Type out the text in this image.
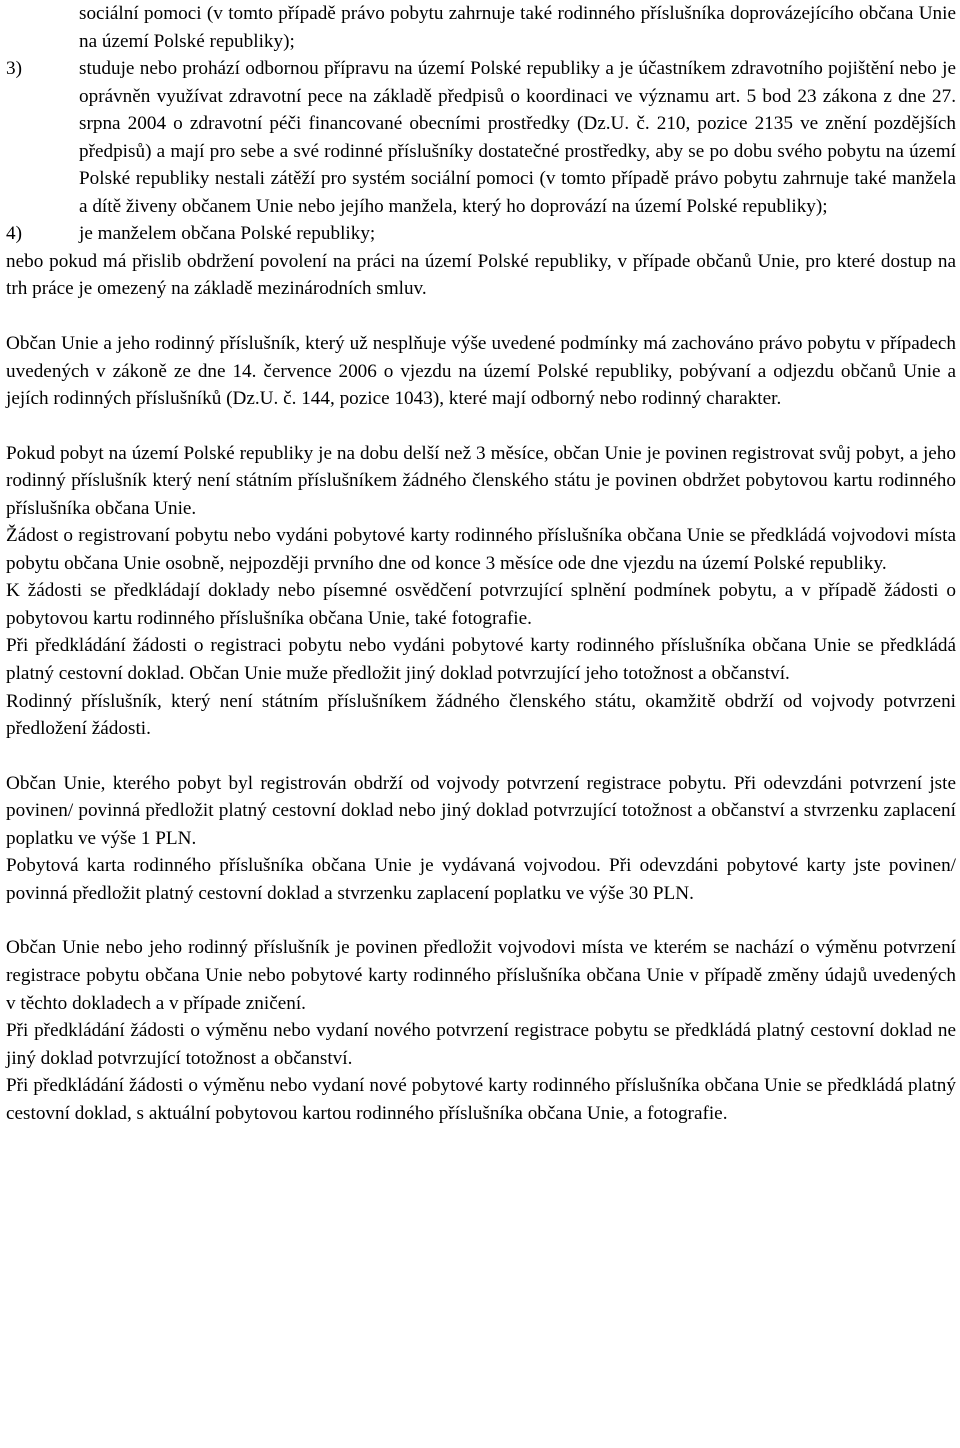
sociální pomoci (v tomto případě právo pobytu zahrnuje také rodinného příslušníka doprovázejícího občana Unie na území Polské republiky);

3)	studuje nebo prohází odbornou přípravu na území Polské republiky a je účastníkem zdravotního pojištění nebo je oprávněn využívat zdravotní pece na základě předpisů o koordinaci ve významu art. 5 bod 23 zákona z dne 27. srpna 2004 o zdravotní péči financované obecními prostředky (Dz.U. č. 210, pozice 2135 ve znění pozdějších předpisů) a mají pro sebe a své rodinné příslušníky dostatečné prostředky, aby se po dobu svého pobytu na území Polské republiky nestali zátěží pro systém sociální pomoci (v tomto případě právo pobytu zahrnuje také manžela a dítě živeny občanem Unie nebo jejího manžela, který ho doprovází na území Polské republiky);
4)	je manželem občana Polské republiky;

nebo pokud má přislib obdržení povolení na práci na území Polské republiky, v případe občanů Unie, pro které dostup na trh práce je omezený na základě mezinárodních smluv.

Občan Unie a jeho rodinný příslušník, který už nesplňuje výše uvedené podmínky má zachováno právo pobytu v případech uvedených v zákoně ze dne 14. července 2006 o vjezdu na území Polské republiky, pobývaní a odjezdu občanů Unie a jejích rodinných příslušníků (Dz.U. č. 144, pozice 1043), které mají odborný nebo rodinný charakter.

Pokud pobyt na území Polské republiky je na dobu delší než 3 měsíce, občan Unie je povinen registrovat svůj pobyt, a jeho rodinný příslušník který není státním příslušníkem žádného členského státu je povinen obdržet pobytovou kartu rodinného příslušníka občana Unie.

Žádost o registrovaní pobytu nebo vydáni pobytové karty rodinného příslušníka občana Unie se předkládá vojvodovi místa pobytu občana Unie osobně, nejpozději prvního dne od konce 3 měsíce ode dne vjezdu na území Polské republiky.

K žádosti se předkládají doklady nebo písemné osvědčení potvrzující splnění podmínek pobytu, a v případě žádosti o pobytovou kartu rodinného příslušníka občana Unie, také fotografie.

Při předkládání žádosti o registraci pobytu nebo vydáni pobytové karty rodinného příslušníka občana Unie se předkládá platný cestovní doklad. Občan Unie muže předložit jiný doklad potvrzující jeho totožnost a občanství.

Rodinný příslušník, který není státním příslušníkem žádného členského státu, okamžitě obdrží od vojvody potvrzeni předložení žádosti.

Občan Unie, kterého pobyt byl registrován obdrží od vojvody potvrzení registrace pobytu. Při odevzdáni potvrzení jste povinen/ povinná předložit platný cestovní doklad nebo jiný doklad potvrzující totožnost a občanství a stvrzenku zaplacení poplatku ve výše 1 PLN.

Pobytová karta rodinného příslušníka občana Unie je vydávaná vojvodou. Při odevzdáni pobytové karty jste povinen/ povinná předložit platný cestovní doklad a stvrzenku zaplacení poplatku ve výše 30 PLN.

Občan Unie nebo jeho rodinný příslušník je povinen předložit vojvodovi místa ve kterém se nachází o výměnu potvrzení registrace pobytu občana Unie nebo pobytové karty rodinného příslušníka občana Unie v případě změny údajů uvedených v těchto dokladech a v případe zničení.

Při předkládání žádosti o výměnu nebo vydaní nového potvrzení registrace pobytu se předkládá platný cestovní doklad ne jiný doklad potvrzující totožnost a občanství.

Při předkládání žádosti o výměnu nebo vydaní nové pobytové karty rodinného příslušníka občana Unie se předkládá platný cestovní doklad, s aktuální pobytovou kartou rodinného příslušníka občana Unie, a fotografie.
